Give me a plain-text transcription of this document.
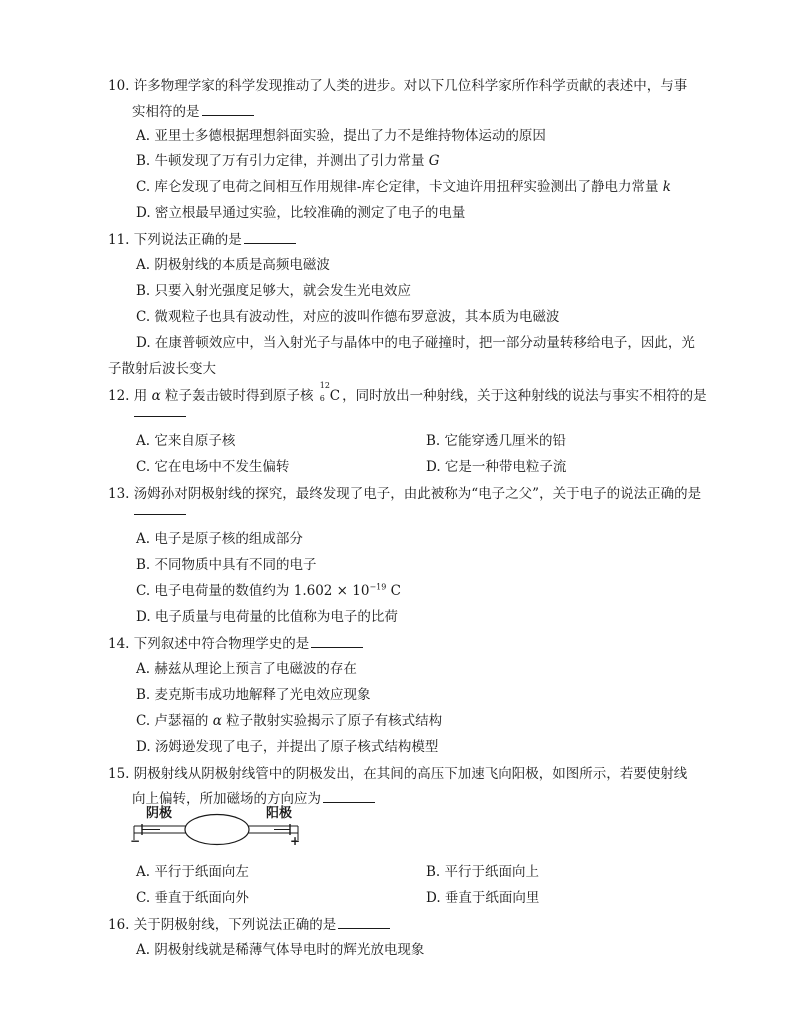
10. 许多物理学家的科学发现推动了人类的进步。对以下几位科学家所作科学贡献的表述中，与事
实相符的是
A. 亚里士多德根据理想斜面实验，提出了力不是维持物体运动的原因
B. 牛顿发现了万有引力定律，并测出了引力常量 G
C. 库仑发现了电荷之间相互作用规律-库仑定律，卡文迪许用扭秤实验测出了静电力常量 k
D. 密立根最早通过实验，比较准确的测定了电子的电量
11. 下列说法正确的是
A. 阴极射线的本质是高频电磁波
B. 只要入射光强度足够大，就会发生光电效应
C. 微观粒子也具有波动性，对应的波叫作德布罗意波，其本质为电磁波
D. 在康普顿效应中，当入射光子与晶体中的电子碰撞时，把一部分动量转移给电子，因此，光
子散射后波长变大
12. 用 α 粒子轰击铍时得到原子核
12
6 C ，同时放出一种射线，关于这种射线的说法与事实不相符的是
A. 它来自原子核	B. 它能穿透几厘米的铅
C. 它在电场中不发生偏转	D. 它是一种带电粒子流
13. 汤姆孙对阴极射线的探究，最终发现了电子，由此被称为“电子之父”，关于电子的说法正确的是
A. 电子是原子核的组成部分
B. 不同物质中具有不同的电子
C. 电子电荷量的数值约为 $1.602 \times 10^{-19}$ C
D. 电子质量与电荷量的比值称为电子的比荷
14. 下列叙述中符合物理学史的是
A. 赫兹从理论上预言了电磁波的存在
B. 麦克斯韦成功地解释了光电效应现象
C. 卢瑟福的 α 粒子散射实验揭示了原子有核式结构
D. 汤姆逊发现了电子，并提出了原子核式结构模型
15. 阴极射线从阴极射线管中的阴极发出，在其间的高压下加速飞向阳极，如图所示，若要使射线
向上偏转，所加磁场的方向应为
阴极	阳极
−	+
A. 平行于纸面向左	B. 平行于纸面向上
C. 垂直于纸面向外	D. 垂直于纸面向里
16. 关于阴极射线，下列说法正确的是
A. 阴极射线就是稀薄气体导电时的辉光放电现象
